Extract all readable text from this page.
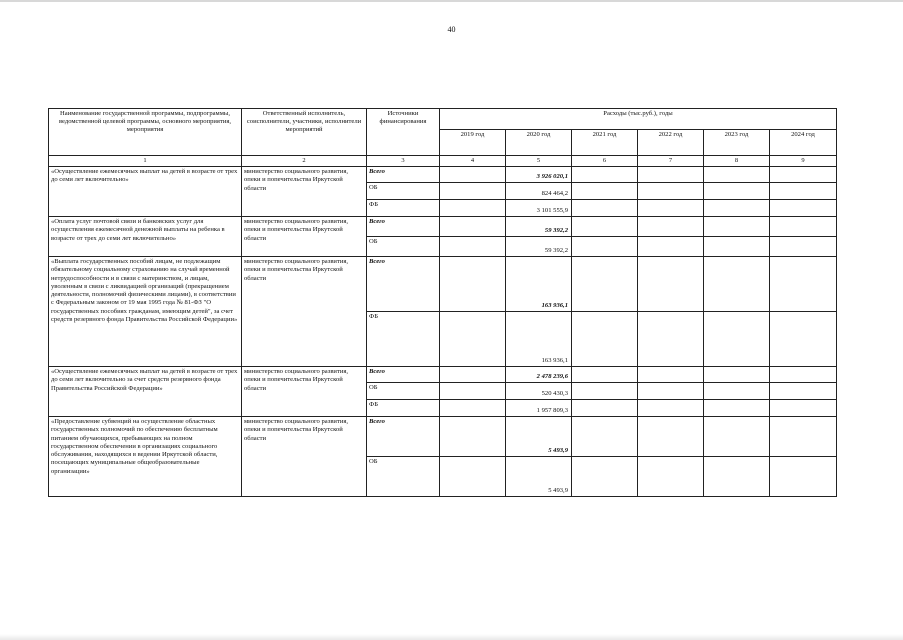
40
Наименование государственной программы, подпрограммы, ведомственной целевой программы, основного мероприятия, мероприятия	Ответственный исполнитель, соисполнители, участники, исполнители мероприятий	Источники финансирования	Расходы (тыс.руб.), годы					
			2019 год	2020 год	2021 год	2022 год	2023 год	2024 год
1	2	3	4	5	6	7	8	9
«Осуществление ежемесячных выплат на детей в возрасте от трех до семи лет включительно»	министерство социального развития, опеки и попечительства Иркутской области	Всего		3 926 020,1				
		ОБ		824 464,2				
		ФБ		3 101 555,9				
«Оплата услуг почтовой связи и банковских услуг для осуществления ежемесячной денежной выплаты на ребенка в возрасте от трех до семи лет включительно»	министерство социального развития, опеки и попечительства Иркутской области	Всего		59 392,2				
		ОБ		59 392,2				
«Выплата государственных пособий лицам, не подлежащим обязательному социальному страхованию на случай временной нетрудоспособности и в связи с материнством, и лицам, уволенным в связи с ликвидацией организаций (прекращением деятельности, полномочий физическими лицами), в соответствии с Федеральным законом от 19 мая 1995 года № 81-ФЗ "О государственных пособиях гражданам, имеющим детей", за счет средств резервного фонда Правительства Российской Федерации»	министерство социального развития, опеки и попечительства Иркутской области	Всего		163 936,1				
		ФБ		163 936,1				
«Осуществление ежемесячных выплат на детей в возрасте от трех до семи лет включительно за счет средств резервного фонда Правительства Российской Федерации»	министерство социального развития, опеки и попечительства Иркутской области	Всего		2 478 239,6				
		ОБ		520 430,3				
		ФБ		1 957 809,3				
«Предоставление субвенций на осуществление областных государственных полномочий по обеспечению бесплатным питанием обучающихся, пребывающих на полном государственном обеспечении в организациях социального обслуживания, находящихся в ведении Иркутской области, посещающих муниципальные общеобразовательные организации»	министерство социального развития, опеки и попечительства Иркутской области	Всего		5 493,9				
		ОБ		5 493,9				
